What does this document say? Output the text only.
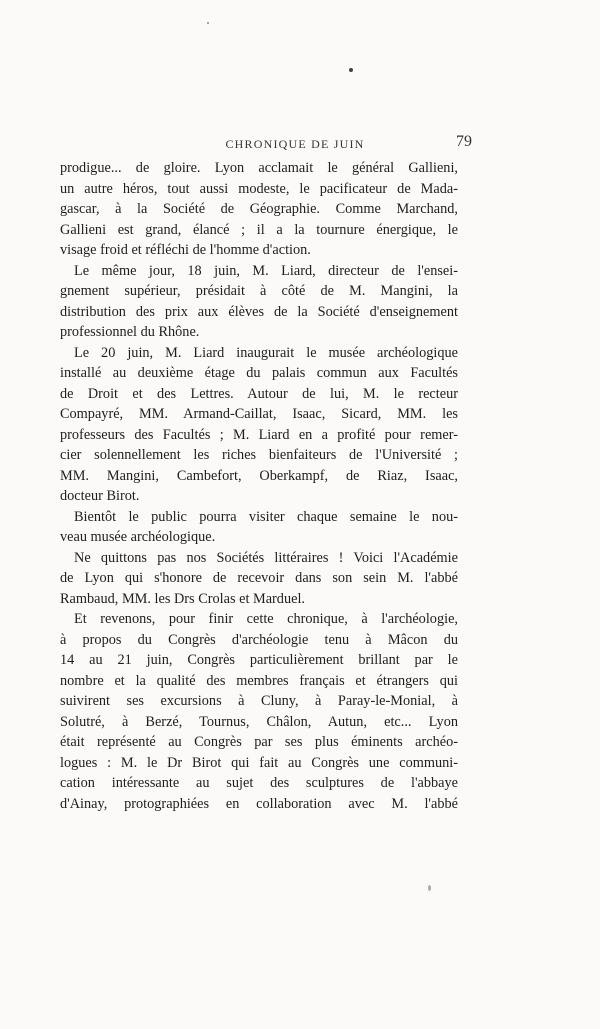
CHRONIQUE DE JUIN	79
prodigue... de gloire. Lyon acclamait le général Gallieni,
un autre héros, tout aussi modeste, le pacificateur de Mada-
gascar, à la Société de Géographie. Comme Marchand,
Gallieni est grand, élancé ; il a la tournure énergique, le
visage froid et réfléchi de l'homme d'action.
Le même jour, 18 juin, M. Liard, directeur de l'ensei-
gnement supérieur, présidait à côté de M. Mangini, la
distribution des prix aux élèves de la Société d'enseignement
professionnel du Rhône.
Le 20 juin, M. Liard inaugurait le musée archéologique
installé au deuxième étage du palais commun aux Facultés
de Droit et des Lettres. Autour de lui, M. le recteur
Compayré, MM. Armand-Caillat, Isaac, Sicard, MM. les
professeurs des Facultés ; M. Liard en a profité pour remer-
cier solennellement les riches bienfaiteurs de l'Université ;
MM. Mangini, Cambefort, Oberkampf, de Riaz, Isaac,
docteur Birot.
Bientôt le public pourra visiter chaque semaine le nou-
veau musée archéologique.
Ne quittons pas nos Sociétés littéraires ! Voici l'Académie
de Lyon qui s'honore de recevoir dans son sein M. l'abbé
Rambaud, MM. les Drs Crolas et Marduel.
Et revenons, pour finir cette chronique, à l'archéologie,
à propos du Congrès d'archéologie tenu à Mâcon du
14 au 21 juin, Congrès particulièrement brillant par le
nombre et la qualité des membres français et étrangers qui
suivirent ses excursions à Cluny, à Paray-le-Monial, à
Solutré, à Berzé, Tournus, Châlon, Autun, etc... Lyon
était représenté au Congrès par ses plus éminents archéo-
logues : M. le Dr Birot qui fait au Congrès une communi-
cation intéressante au sujet des sculptures de l'abbaye
d'Ainay, protographiées en collaboration avec M. l'abbé
